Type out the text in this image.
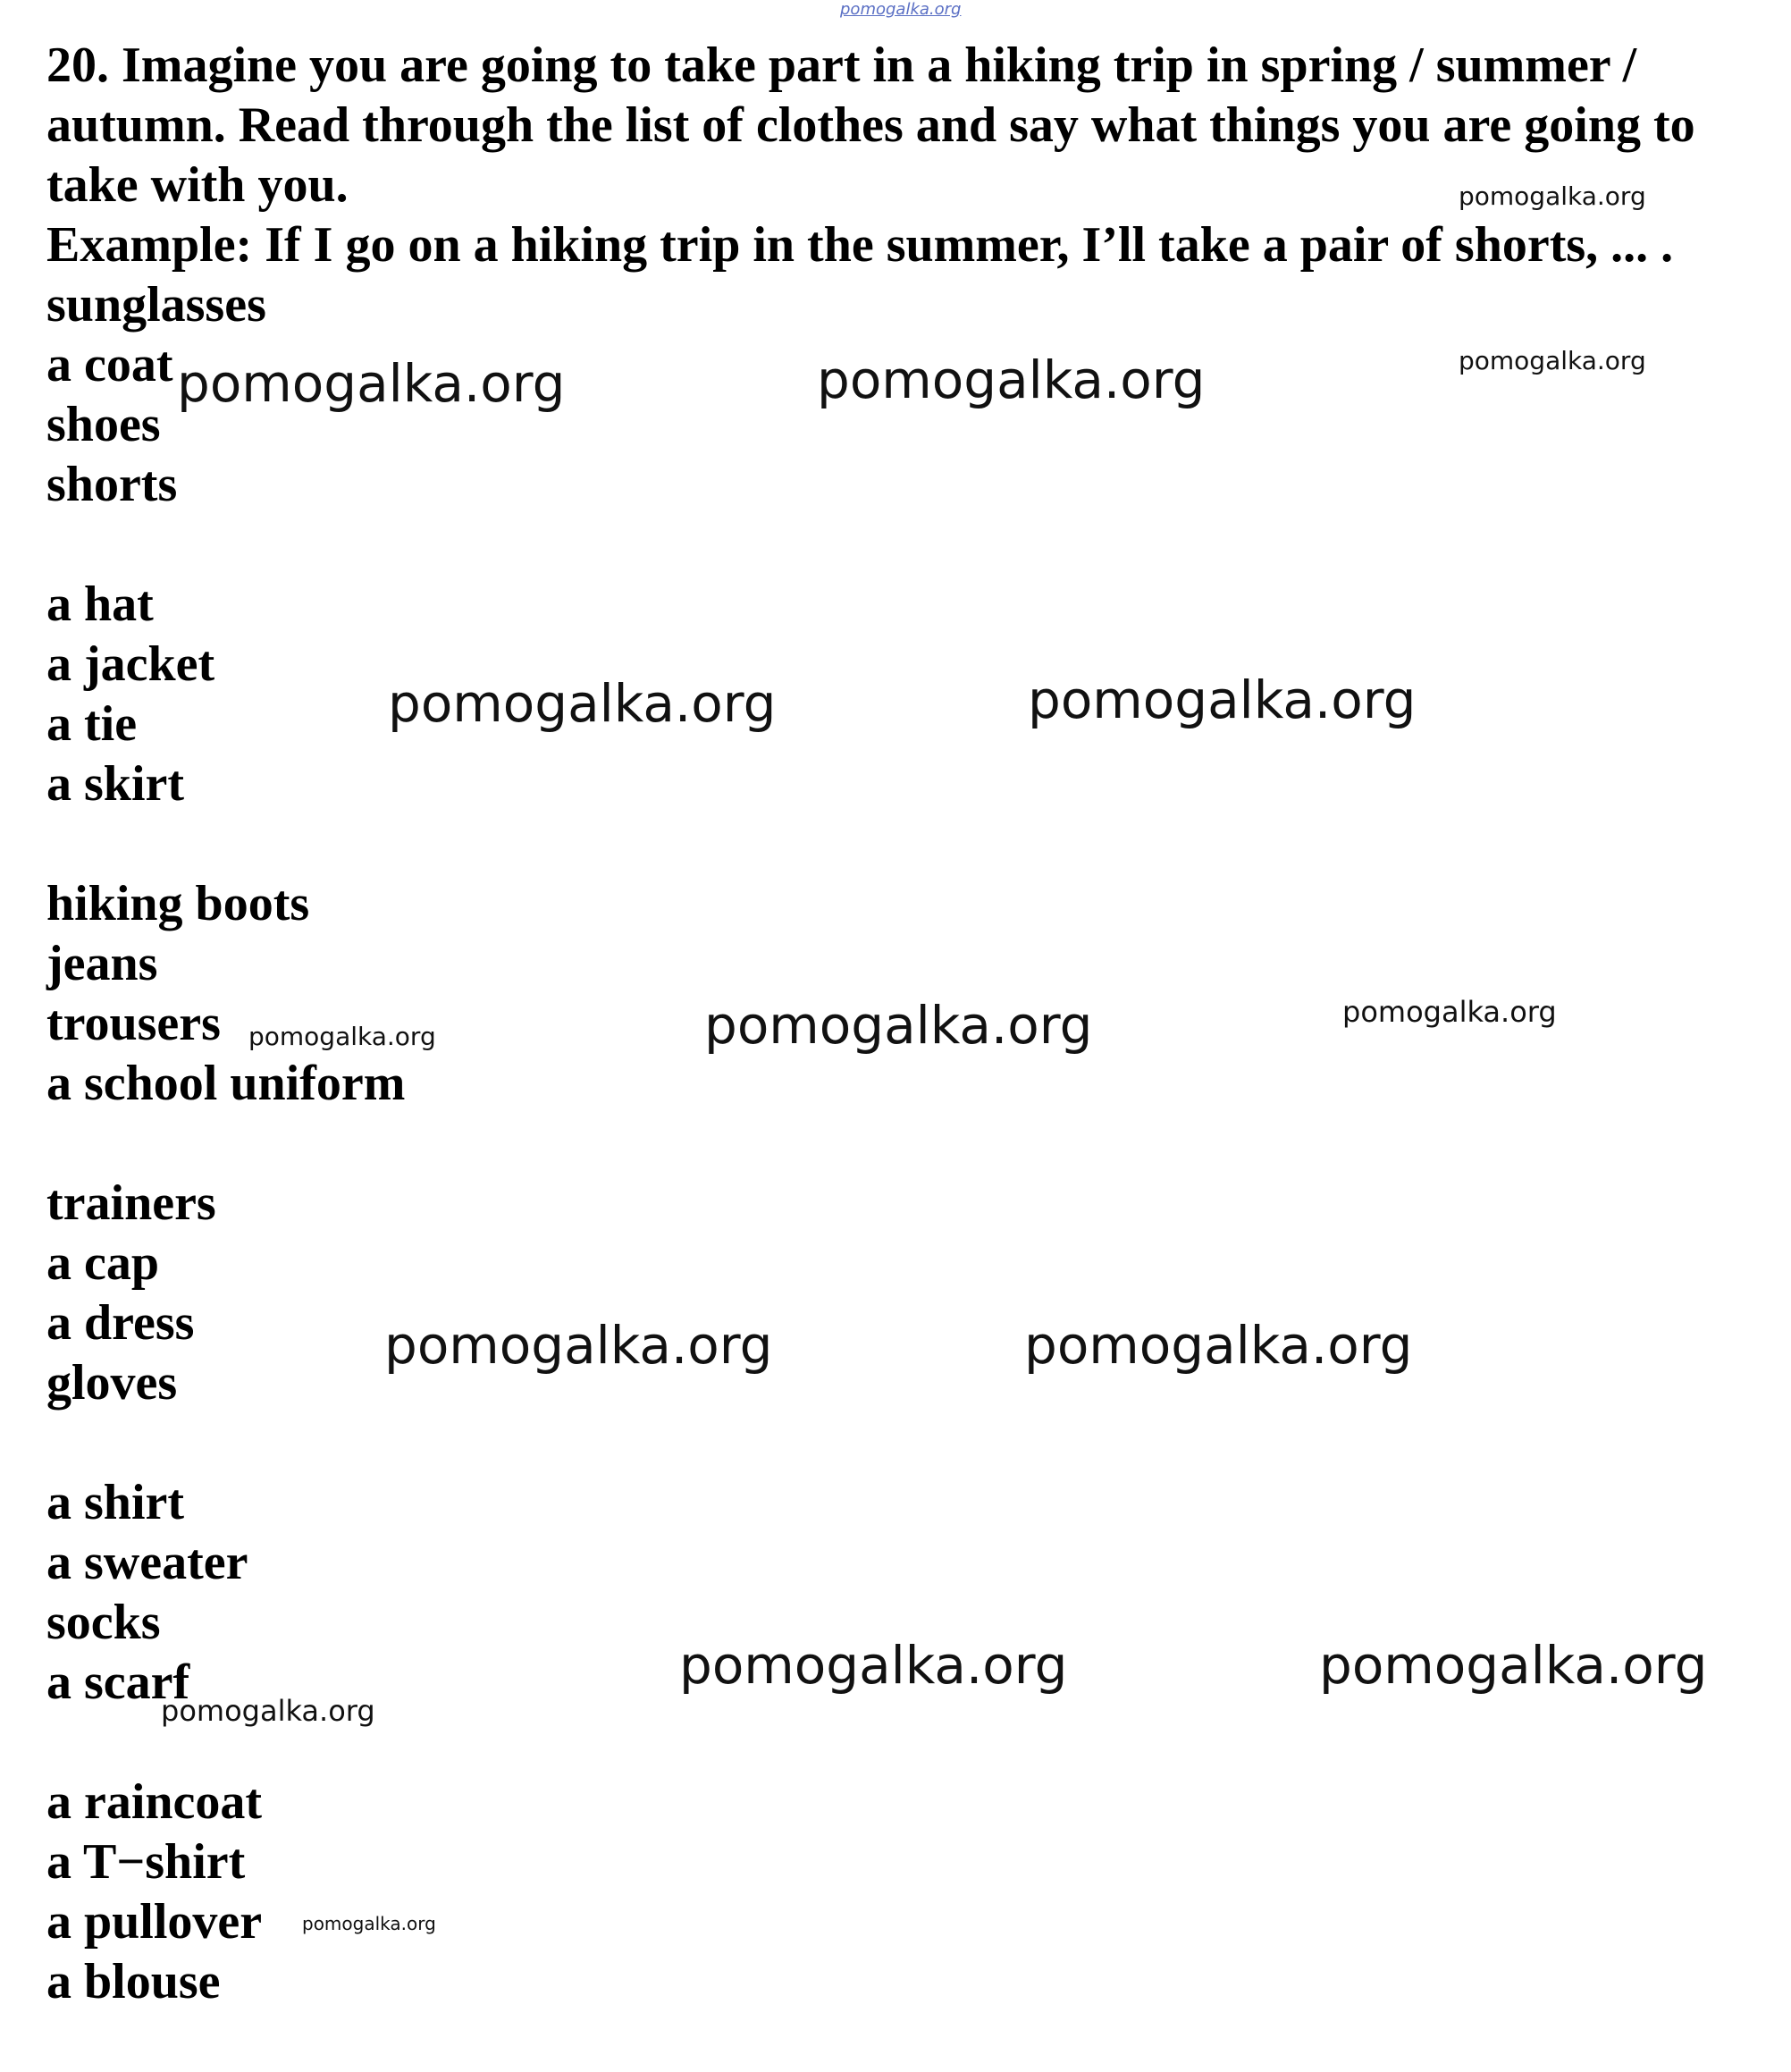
pomogalka.org

20. Imagine you are going to take part in a hiking trip in spring / summer / autumn. Read through the list of clothes and say what things you are going to take with you.

Example: If I go on a hiking trip in the summer, I’ll take a pair of shorts, ... .

sunglasses
a coat
shoes
shorts
a hat
a jacket
a tie
a skirt
hiking boots
jeans
trousers
a school uniform
trainers
a cap
a dress
gloves
a shirt
a sweater
socks
a scarf
a raincoat
a T−shirt
a pullover
a blouse
pomogalka.org
pomogalka.org
pomogalka.org	pomogalka.org
pomogalka.org	pomogalka.org
pomogalka.org
pomogalka.org	pomogalka.org
pomogalka.org	pomogalka.org
pomogalka.org	pomogalka.org
pomogalka.org
pomogalka.org
